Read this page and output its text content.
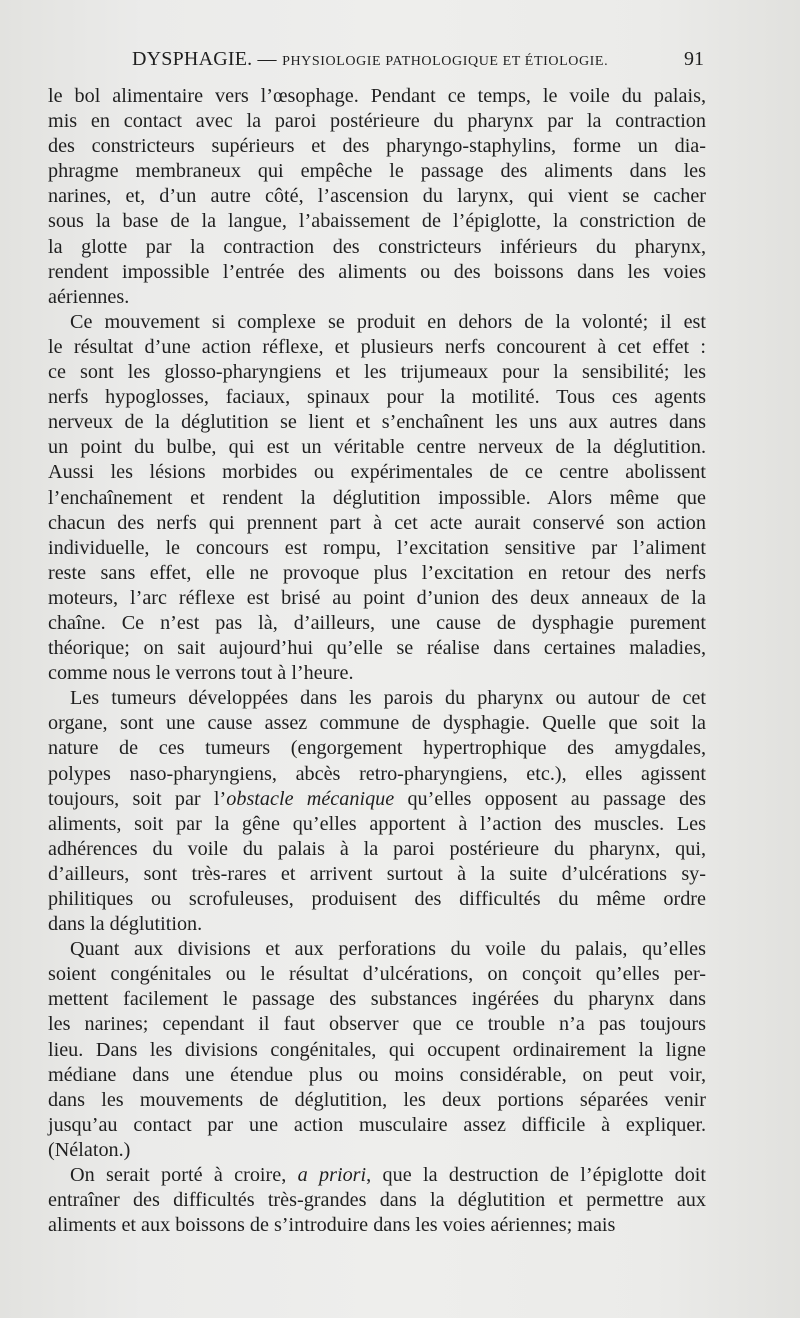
DYSPHAGIE. — PHYSIOLOGIE PATHOLOGIQUE ET ÉTIOLOGIE.	91
le bol alimentaire vers l’œsophage. Pendant ce temps, le voile du palais,
mis en contact avec la paroi postérieure du pharynx par la contraction
des constricteurs supérieurs et des pharyngo-staphylins, forme un dia-
phragme membraneux qui empêche le passage des aliments dans les
narines, et, d’un autre côté, l’ascension du larynx, qui vient se cacher
sous la base de la langue, l’abaissement de l’épiglotte, la constriction de
la glotte par la contraction des constricteurs inférieurs du pharynx,
rendent impossible l’entrée des aliments ou des boissons dans les voies
aériennes.
Ce mouvement si complexe se produit en dehors de la volonté; il est
le résultat d’une action réflexe, et plusieurs nerfs concourent à cet effet :
ce sont les glosso-pharyngiens et les trijumeaux pour la sensibilité; les
nerfs hypoglosses, faciaux, spinaux pour la motilité. Tous ces agents
nerveux de la déglutition se lient et s’enchaînent les uns aux autres dans
un point du bulbe, qui est un véritable centre nerveux de la déglutition.
Aussi les lésions morbides ou expérimentales de ce centre abolissent
l’enchaînement et rendent la déglutition impossible. Alors même que
chacun des nerfs qui prennent part à cet acte aurait conservé son action
individuelle, le concours est rompu, l’excitation sensitive par l’aliment
reste sans effet, elle ne provoque plus l’excitation en retour des nerfs
moteurs, l’arc réflexe est brisé au point d’union des deux anneaux de la
chaîne. Ce n’est pas là, d’ailleurs, une cause de dysphagie purement
théorique; on sait aujourd’hui qu’elle se réalise dans certaines maladies,
comme nous le verrons tout à l’heure.
Les tumeurs développées dans les parois du pharynx ou autour de cet
organe, sont une cause assez commune de dysphagie. Quelle que soit la
nature de ces tumeurs (engorgement hypertrophique des amygdales,
polypes naso-pharyngiens, abcès retro-pharyngiens, etc.), elles agissent
toujours, soit par l’obstacle mécanique qu’elles opposent au passage des
aliments, soit par la gêne qu’elles apportent à l’action des muscles. Les
adhérences du voile du palais à la paroi postérieure du pharynx, qui,
d’ailleurs, sont très-rares et arrivent surtout à la suite d’ulcérations sy-
philitiques ou scrofuleuses, produisent des difficultés du même ordre
dans la déglutition.
Quant aux divisions et aux perforations du voile du palais, qu’elles
soient congénitales ou le résultat d’ulcérations, on conçoit qu’elles per-
mettent facilement le passage des substances ingérées du pharynx dans
les narines; cependant il faut observer que ce trouble n’a pas toujours
lieu. Dans les divisions congénitales, qui occupent ordinairement la ligne
médiane dans une étendue plus ou moins considérable, on peut voir,
dans les mouvements de déglutition, les deux portions séparées venir
jusqu’au contact par une action musculaire assez difficile à expliquer.
(Nélaton.)
On serait porté à croire, a priori, que la destruction de l’épiglotte doit
entraîner des difficultés très-grandes dans la déglutition et permettre aux
aliments et aux boissons de s’introduire dans les voies aériennes; mais
